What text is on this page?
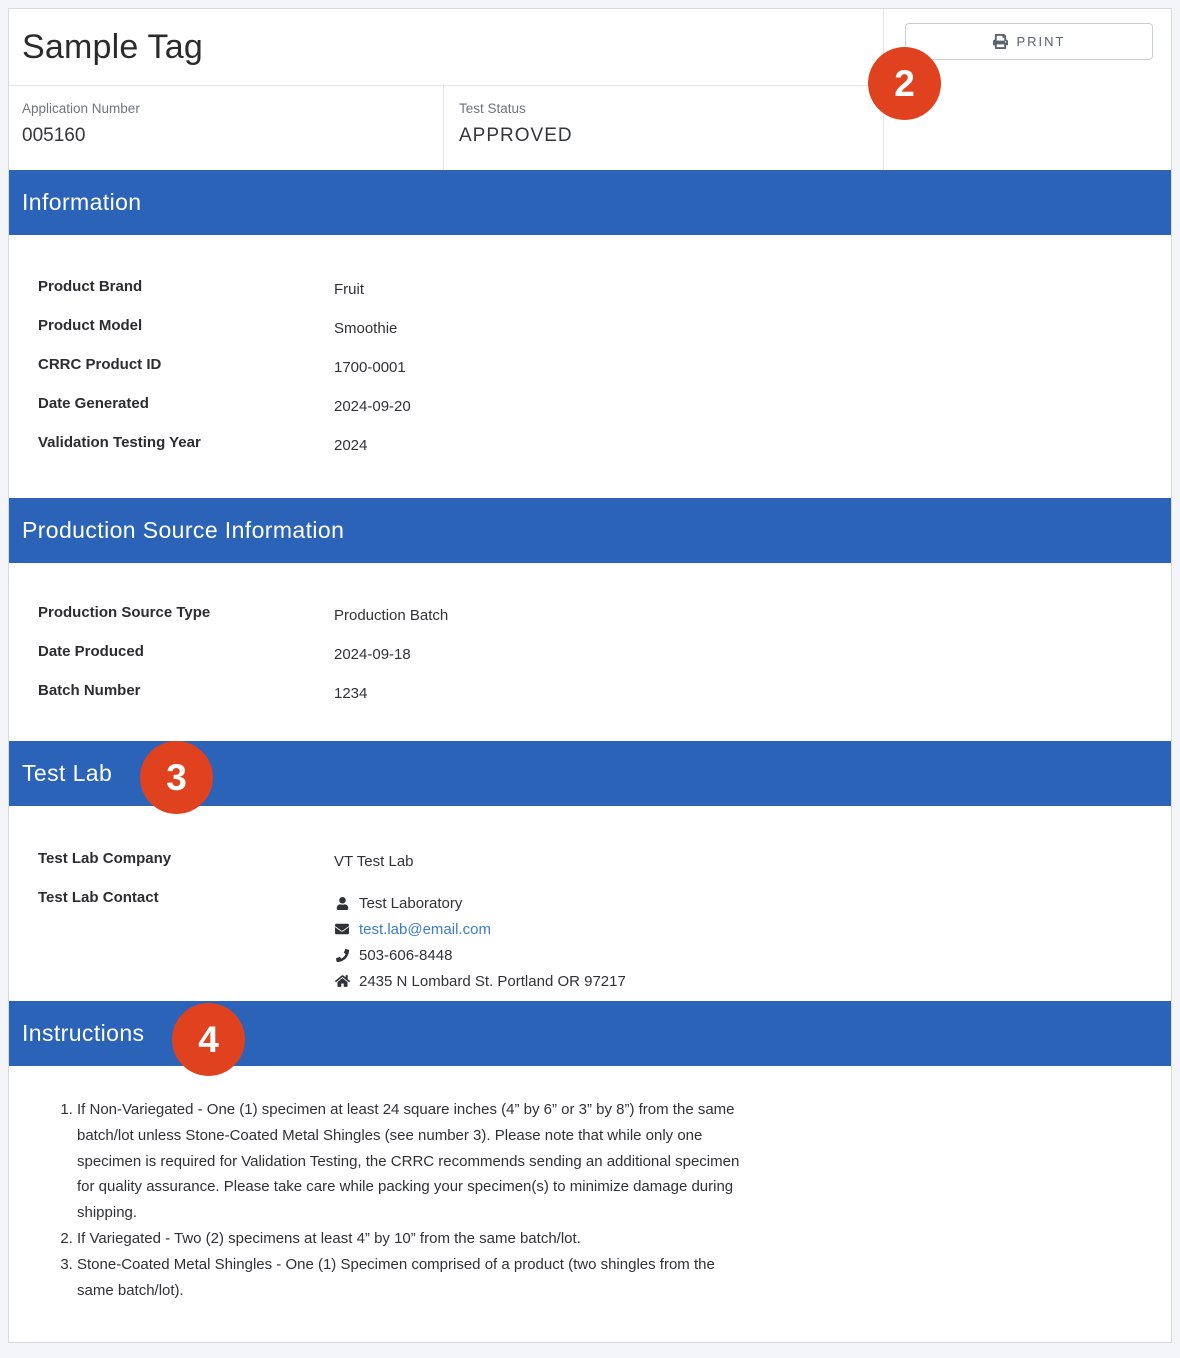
Sample Tag
Application Number
005160
Test Status
APPROVED
PRINT
Information
Product Brand	Fruit
Product Model	Smoothie
CRRC Product ID	1700-0001
Date Generated	2024-09-20
Validation Testing Year	2024
Production Source Information
Production Source Type	Production Batch
Date Produced	2024-09-18
Batch Number	1234
Test Lab
Test Lab Company	VT Test Lab
Test Lab Contact	Test Laboratory
test.lab@email.com
503-606-8448
2435 N Lombard St. Portland OR 97217
Instructions
1. If Non-Variegated - One (1) specimen at least 24 square inches (4” by 6” or 3” by 8”) from the same batch/lot unless Stone-Coated Metal Shingles (see number 3). Please note that while only one specimen is required for Validation Testing, the CRRC recommends sending an additional specimen for quality assurance. Please take care while packing your specimen(s) to minimize damage during shipping.
2. If Variegated - Two (2) specimens at least 4” by 10” from the same batch/lot.
3. Stone-Coated Metal Shingles - One (1) Specimen comprised of a product (two shingles from the same batch/lot).
2
3
4
